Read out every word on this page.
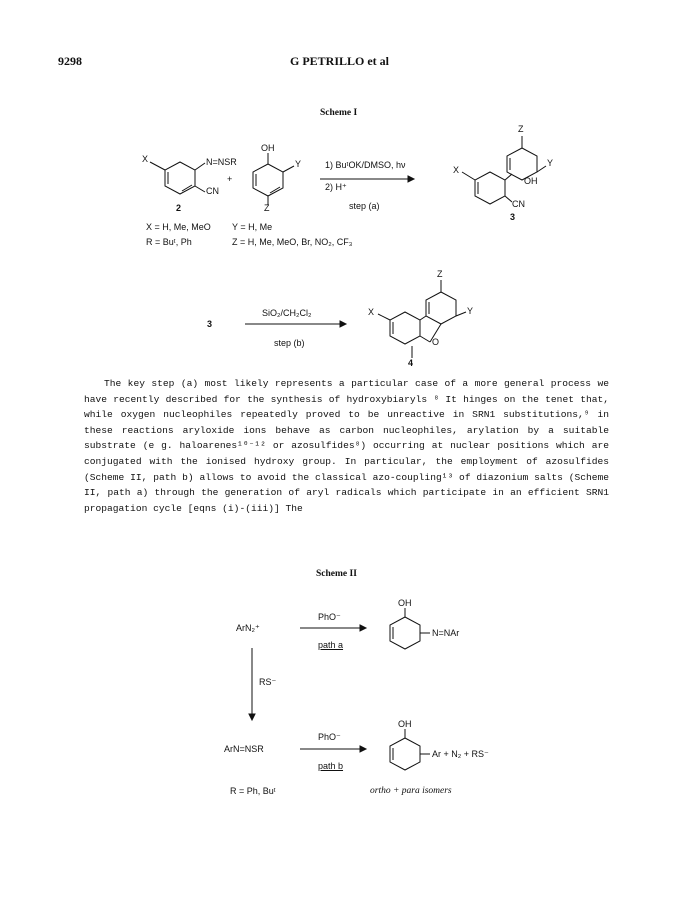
9298	G PETRILLO et al
Scheme I
X	N=NSR
CN
2
+
OH
Y
Z
1) BuᵗOK/DMSO, hν
2) H⁺
step (a)
Z
X
Y
OH
CN
3
X = H, Me, MeO
R = Buᵗ, Ph
Y = H, Me
Z = H, Me, MeO, Br, NO₂, CF₃
3
SiO₂/CH₂Cl₂
step (b)
Z
X	Y
O
4

The key step (a) most likely represents a particular case of a more general process we have recently described for the synthesis of hydroxybiaryls ⁸ It hinges on the tenet that, while oxygen nucleophiles repeatedly proved to be unreactive in SRN1 substitutions,⁹ in these reactions aryloxide ions behave as carbon nucleophiles, arylation by a suitable substrate (e g. haloarenes¹⁰⁻¹² or azosulfides⁸) occurring at nuclear positions which are conjugated with the ionised hydroxy group. In particular, the employment of azosulfides (Scheme II, path b) allows to avoid the classical azo-coupling¹³ of diazonium salts (Scheme II, path a) through the generation of aryl radicals which participate in an efficient SRN1 propagation cycle [eqns (i)-(iii)] The

Scheme II
ArN₂⁺
PhO⁻
path a
OH
N=NAr
RS⁻
ArN=NSR
PhO⁻
path b
OH
Ar + N₂ + RS⁻
R = Ph, Buᵗ	ortho + para isomers
